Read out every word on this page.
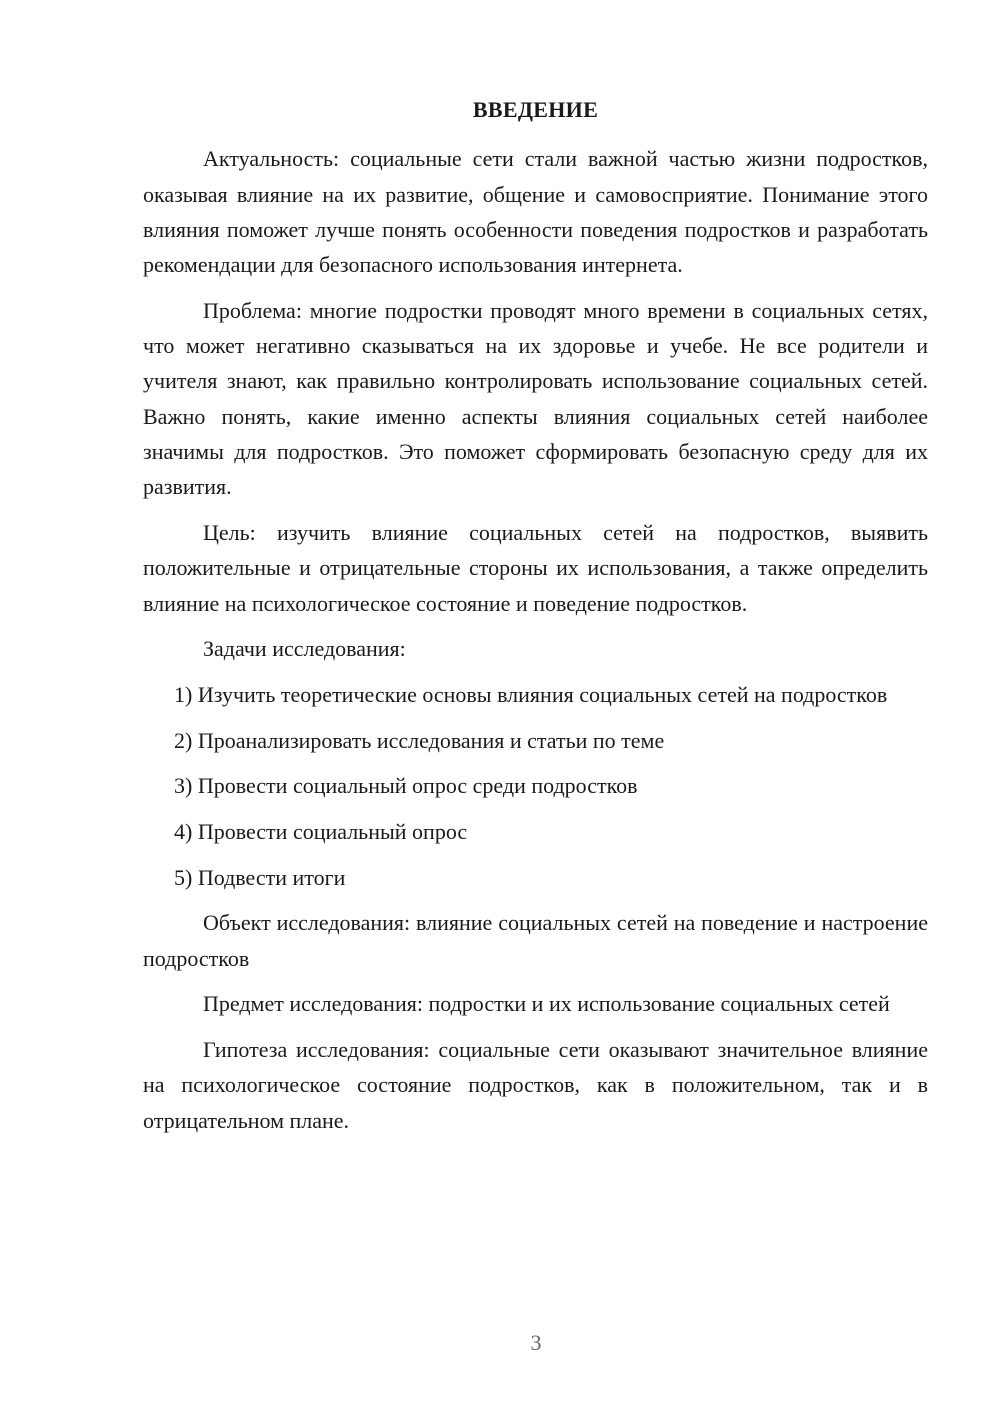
ВВЕДЕНИЕ

Актуальность: социальные сети стали важной частью жизни подростков, оказывая влияние на их развитие, общение и самовосприятие. Понимание этого влияния поможет лучше понять особенности поведения подростков и разработать рекомендации для безопасного использования интернета.

Проблема: многие подростки проводят много времени в социальных сетях, что может негативно сказываться на их здоровье и учебе. Не все родители и учителя знают, как правильно контролировать использование социальных сетей. Важно понять, какие именно аспекты влияния социальных сетей наиболее значимы для подростков. Это поможет сформировать безопасную среду для их развития.

Цель: изучить влияние социальных сетей на подростков, выявить положительные и отрицательные стороны их использования, а также определить влияние на психологическое состояние и поведение подростков.

Задачи исследования:

1) Изучить теоретические основы влияния социальных сетей на подростков

2) Проанализировать исследования и статьи по теме

3) Провести социальный опрос среди подростков

4) Провести социальный опрос

5) Подвести итоги

Объект исследования: влияние социальных сетей на поведение и настроение подростков

Предмет исследования: подростки и их использование социальных сетей

Гипотеза исследования: социальные сети оказывают значительное влияние на психологическое состояние подростков, как в положительном, так и в отрицательном плане.

3
